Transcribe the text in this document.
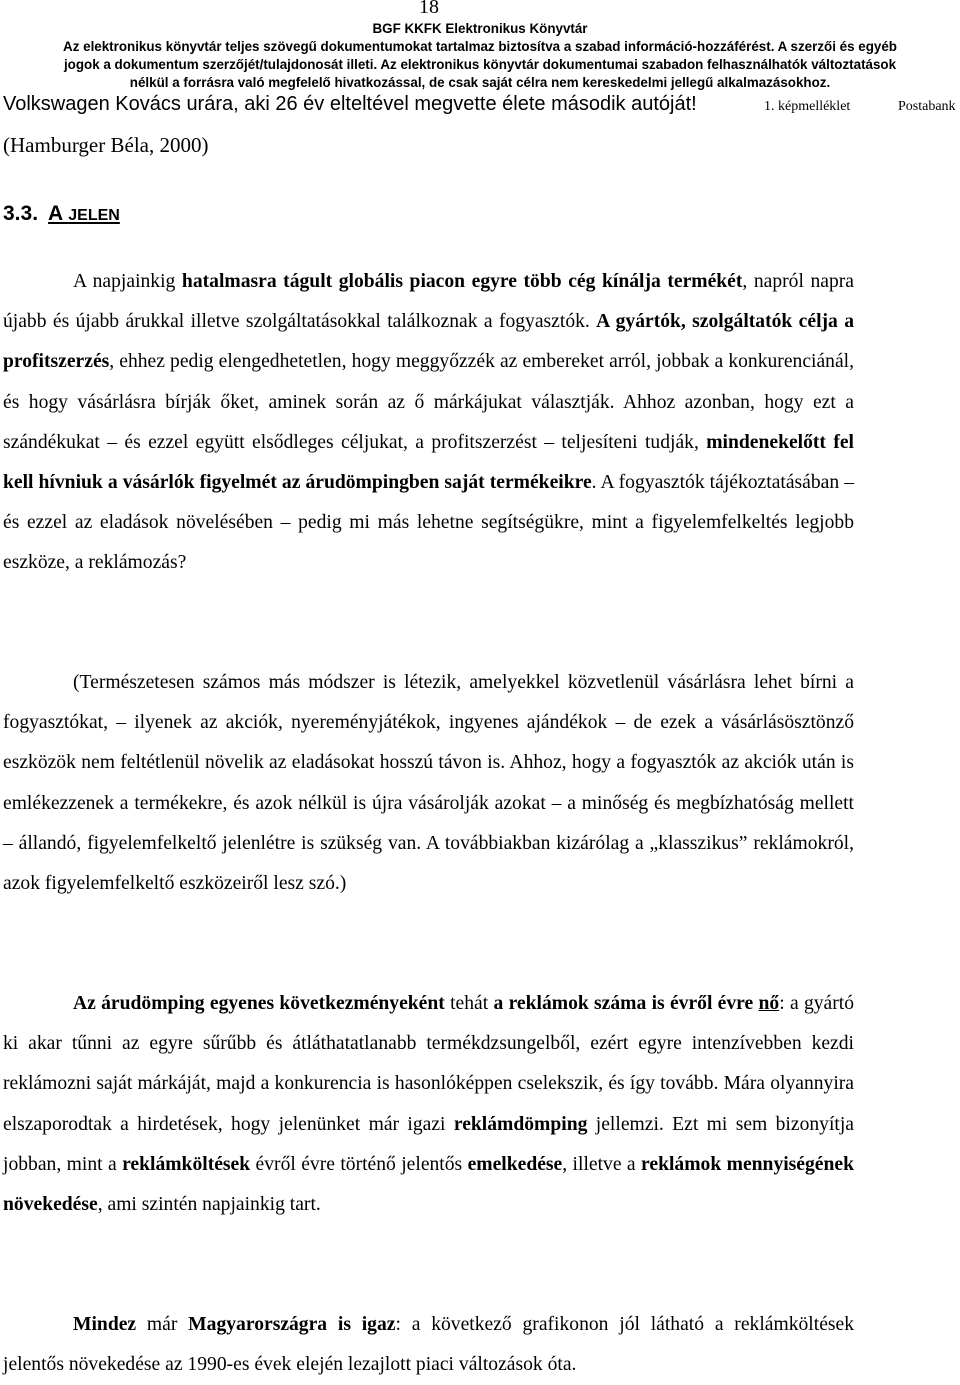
18
BGF KKFK Elektronikus Könyvtár
Az elektronikus könyvtár teljes szövegű dokumentumokat tartalmaz biztosítva a szabad információ-hozzáférést. A szerzői és egyéb
jogok a dokumentum szerzőjét/tulajdonosát illeti. Az elektronikus könyvtár dokumentumai szabadon felhasználhatók változtatások
nélkül a forrásra való megfelelő hivatkozással, de csak saját célra nem kereskedelmi jellegű alkalmazásokhoz.
Volkswagen Kovács urára, aki 26 év elteltével megvette élete második autóját!	1. képmelléklet	Postabank
(Hamburger Béla, 2000)
3.3. A JELEN
A napjainkig hatalmasra tágult globális piacon egyre több cég kínálja termékét, napról napra újabb és újabb árukkal illetve szolgáltatásokkal találkoznak a fogyasztók. A gyártók, szolgáltatók célja a profitszerzés, ehhez pedig elengedhetetlen, hogy meggyőzzék az embereket arról, jobbak a konkurenciánál, és hogy vásárlásra bírják őket, aminek során az ő márkájukat választják. Ahhoz azonban, hogy ezt a szándékukat – és ezzel együtt elsődleges céljukat, a profitszerzést – teljesíteni tudják, mindenekelőtt fel kell hívniuk a vásárlók figyelmét az árudömpingben saját termékeikre. A fogyasztók tájékoztatásában – és ezzel az eladások növelésében – pedig mi más lehetne segítségükre, mint a figyelemfelkeltés legjobb eszköze, a reklámozás?
(Természetesen számos más módszer is létezik, amelyekkel közvetlenül vásárlásra lehet bírni a fogyasztókat, – ilyenek az akciók, nyereményjátékok, ingyenes ajándékok – de ezek a vásárlásösztönző eszközök nem feltétlenül növelik az eladásokat hosszú távon is. Ahhoz, hogy a fogyasztók az akciók után is emlékezzenek a termékekre, és azok nélkül is újra vásárolják azokat – a minőség és megbízhatóság mellett – állandó, figyelemfelkeltő jelenlétre is szükség van. A továbbiakban kizárólag a „klasszikus” reklámokról, azok figyelemfelkeltő eszközeiről lesz szó.)
Az árudömping egyenes következményeként tehát a reklámok száma is évről évre nő: a gyártó ki akar tűnni az egyre sűrűbb és átláthatatlanabb termékdzsungelből, ezért egyre intenzívebben kezdi reklámozni saját márkáját, majd a konkurencia is hasonlóképpen cselekszik, és így tovább. Mára olyannyira elszaporodtak a hirdetések, hogy jelenünket már igazi reklámdömping jellemzi. Ezt mi sem bizonyítja jobban, mint a reklámköltések évről évre történő jelentős emelkedése, illetve a reklámok mennyiségének növekedése, ami szintén napjainkig tart.
Mindez már Magyarországra is igaz: a következő grafikonon jól látható a reklámköltések jelentős növekedése az 1990-es évek elején lezajlott piaci változások óta.
